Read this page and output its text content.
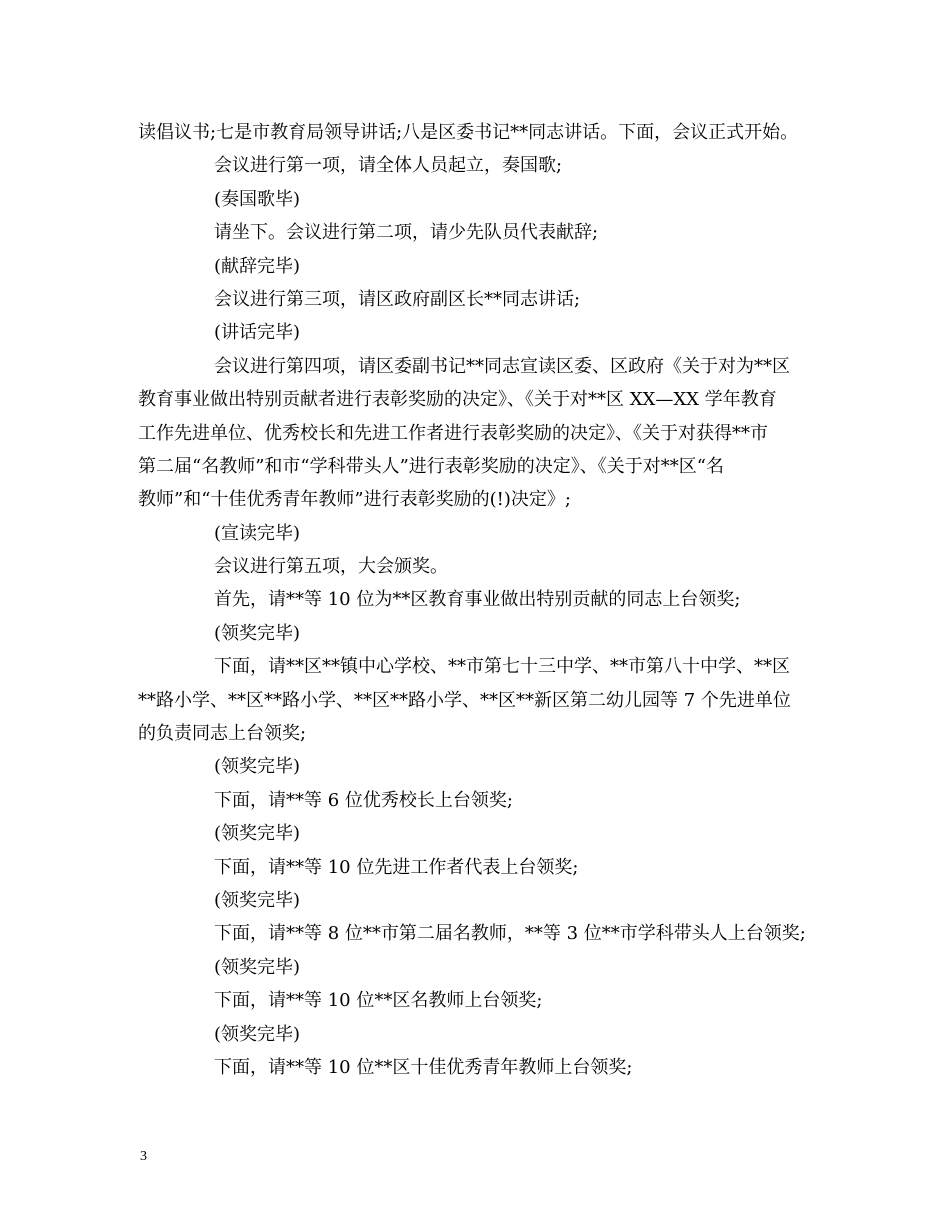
读倡议书;七是市教育局领导讲话;八是区委书记**同志讲话。下面，会议正式开始。
会议进行第一项，请全体人员起立，奏国歌;
(奏国歌毕)
请坐下。会议进行第二项，请少先队员代表献辞;
(献辞完毕)
会议进行第三项，请区政府副区长**同志讲话;
(讲话完毕)
会议进行第四项，请区委副书记**同志宣读区委、区政府《关于对为**区
教育事业做出特别贡献者进行表彰奖励的决定》、《关于对**区 XX—XX 学年教育
工作先进单位、优秀校长和先进工作者进行表彰奖励的决定》、《关于对获得**市
第二届“名教师”和市“学科带头人”进行表彰奖励的决定》、《关于对**区“名
教师”和“十佳优秀青年教师”进行表彰奖励的(!)决定》;
(宣读完毕)
会议进行第五项，大会颁奖。
首先，请**等 10 位为**区教育事业做出特别贡献的同志上台领奖;
(领奖完毕)
下面，请**区**镇中心学校、**市第七十三中学、**市第八十中学、**区
**路小学、**区**路小学、**区**路小学、**区**新区第二幼儿园等 7 个先进单位
的负责同志上台领奖;
(领奖完毕)
下面，请**等 6 位优秀校长上台领奖;
(领奖完毕)
下面，请**等 10 位先进工作者代表上台领奖;
(领奖完毕)
下面，请**等 8 位**市第二届名教师，**等 3 位**市学科带头人上台领奖;
(领奖完毕)
下面，请**等 10 位**区名教师上台领奖;
(领奖完毕)
下面，请**等 10 位**区十佳优秀青年教师上台领奖;
3
